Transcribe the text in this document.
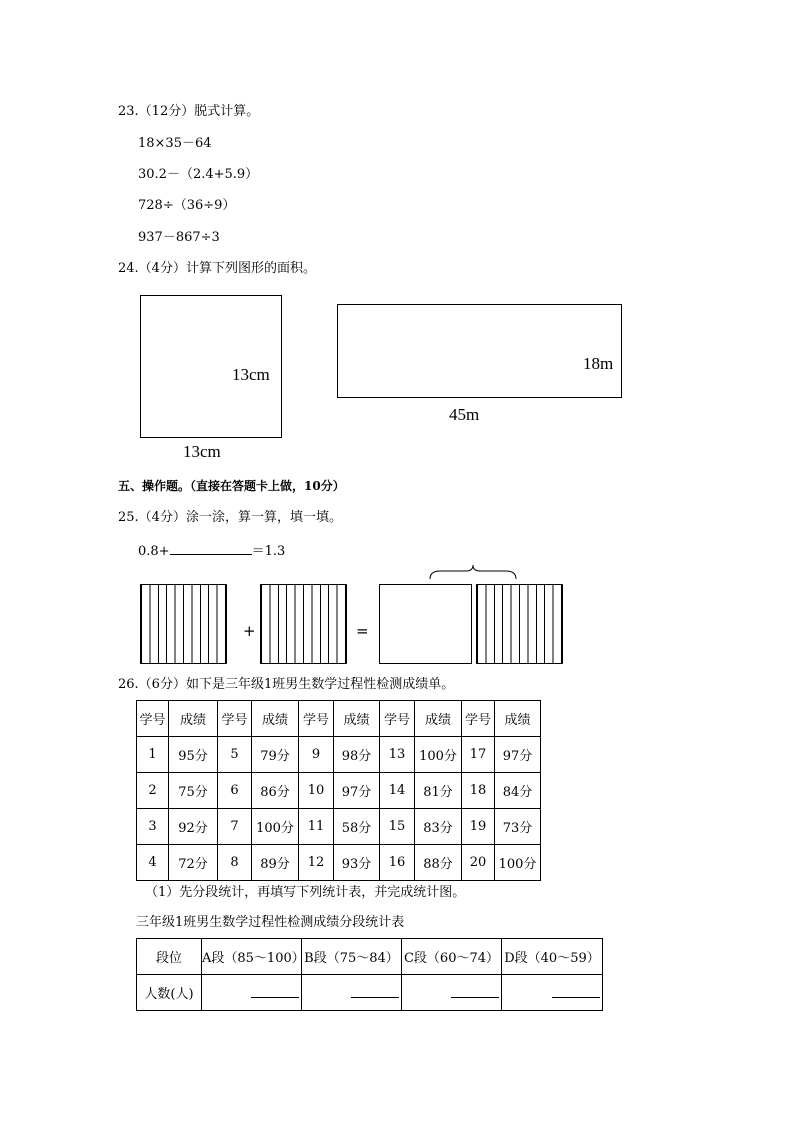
23.（12分）脱式计算。
18×35－64
30.2－（2.4+5.9）
728÷（36÷9）
937－867÷3
24.（4分）计算下列图形的面积。
13cm
13cm
18m
45m
五、操作题。（直接在答题卡上做，10分）
25.（4分）涂一涂，算一算，填一填。
0.8+	＝1.3
+	=
26.（6分）如下是三年级1班男生数学过程性检测成绩单。
学号	成绩	学号	成绩	学号	成绩	学号	成绩	学号	成绩
1	95分	5	79分	9	98分	13	100分	17	97分
2	75分	6	86分	10	97分	14	81分	18	84分
3	92分	7	100分	11	58分	15	83分	19	73分
4	72分	8	89分	12	93分	16	88分	20	100分
（1）先分段统计，再填写下列统计表，并完成统计图。
三年级1班男生数学过程性检测成绩分段统计表
段位	A段（85～100）	B段（75～84）	C段（60～74）	D段（40～59）
人数(人)				
